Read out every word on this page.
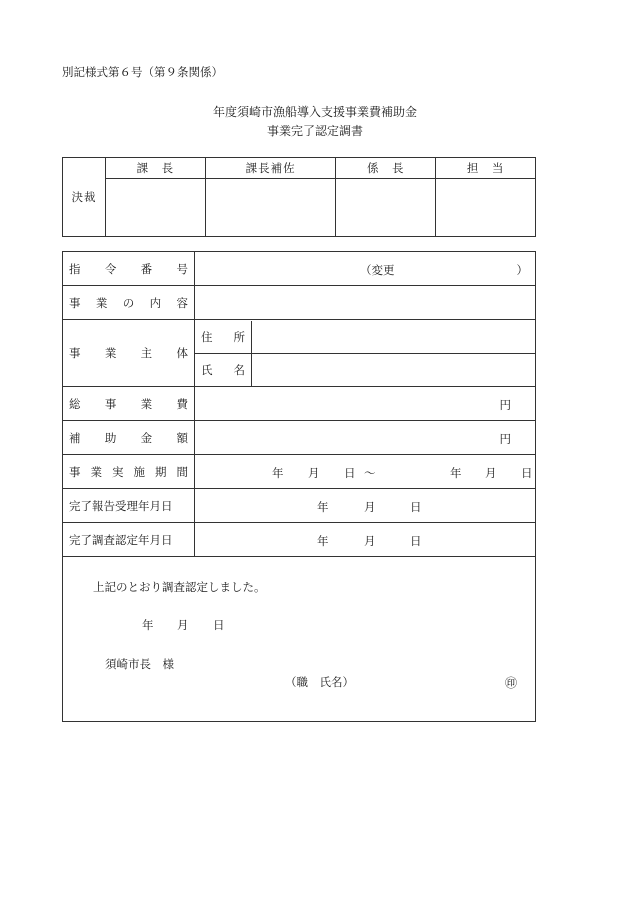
別記様式第６号（第９条関係）
年度須崎市漁船導入支援事業費補助金
事業完了認定調書
決裁	課　長	課長補佐	係　長	担　当

指 令 番 号	（変更	）

事 業 の 内 容

事 業 主 体

住 所

氏 名

総 事 業 費	円

補 助 金 額	円

事 業 実 施 期 間	年 月 日 ～	年 月 日

完了報告受理年月日	年	月	日

完了調査認定年月日	年	月	日

上記のとおり調査認定しました。
年 月 日
須崎市長　様
（職　氏名）	㊞
